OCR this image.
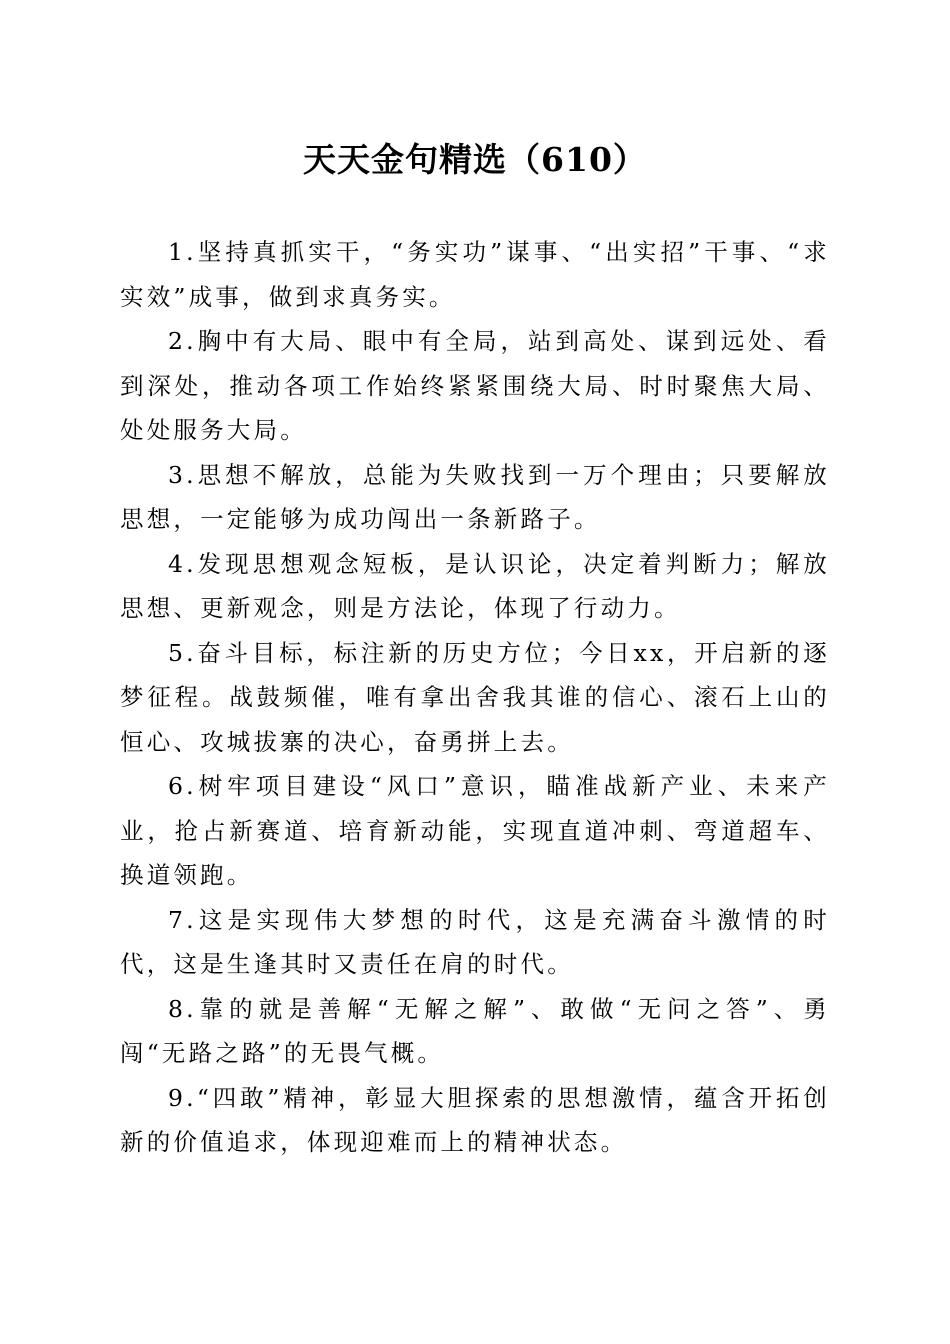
天天金句精选（610）

1.坚持真抓实干，“务实功”谋事、“出实招”干事、“求实效”成事，做到求真务实。

2.胸中有大局、眼中有全局，站到高处、谋到远处、看到深处，推动各项工作始终紧紧围绕大局、时时聚焦大局、处处服务大局。

3.思想不解放，总能为失败找到一万个理由；只要解放思想，一定能够为成功闯出一条新路子。

4.发现思想观念短板，是认识论，决定着判断力；解放思想、更新观念，则是方法论，体现了行动力。

5.奋斗目标，标注新的历史方位；今日xx，开启新的逐梦征程。战鼓频催，唯有拿出舍我其谁的信心、滚石上山的恒心、攻城拔寨的决心，奋勇拼上去。

6.树牢项目建设“风口”意识，瞄准战新产业、未来产业，抢占新赛道、培育新动能，实现直道冲刺、弯道超车、换道领跑。

7.这是实现伟大梦想的时代，这是充满奋斗激情的时代，这是生逢其时又责任在肩的时代。

8.靠的就是善解“无解之解”、敢做“无问之答”、勇闯“无路之路”的无畏气概。

9.“四敢”精神，彰显大胆探索的思想激情，蕴含开拓创新的价值追求，体现迎难而上的精神状态。
